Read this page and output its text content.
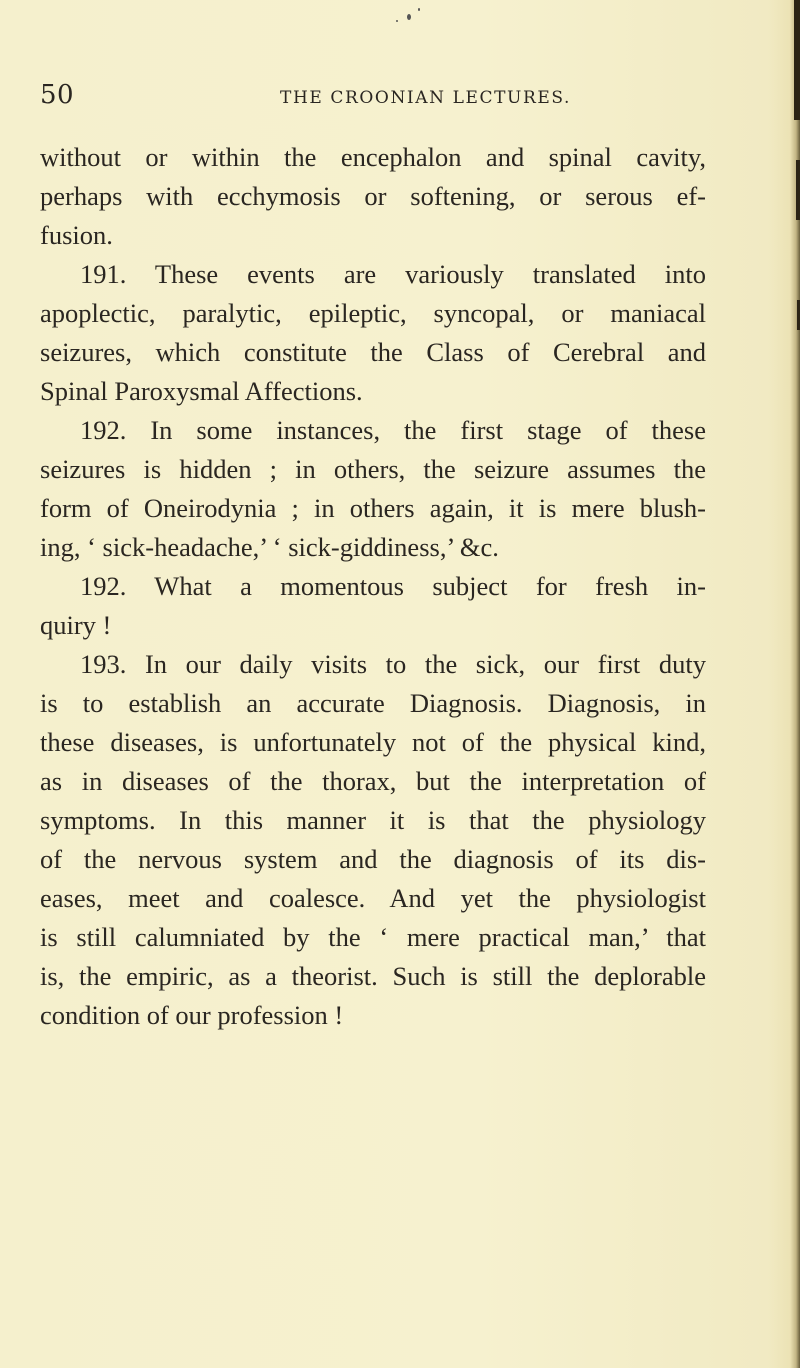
50	THE CROONIAN LECTURES.
without or within the encephalon and spinal cavity,
perhaps with ecchymosis or softening, or serous ef-
fusion.
191. These events are variously translated into
apoplectic, paralytic, epileptic, syncopal, or maniacal
seizures, which constitute the Class of Cerebral and
Spinal Paroxysmal Affections.
192. In some instances, the first stage of these
seizures is hidden ; in others, the seizure assumes the
form of Oneirodynia ; in others again, it is mere blush-
ing, ‘ sick-headache,’ ‘ sick-giddiness,’ &c.
192. What a momentous subject for fresh in-
quiry !
193. In our daily visits to the sick, our first duty
is to establish an accurate Diagnosis. Diagnosis, in
these diseases, is unfortunately not of the physical kind,
as in diseases of the thorax, but the interpretation of
symptoms. In this manner it is that the physiology
of the nervous system and the diagnosis of its dis-
eases, meet and coalesce. And yet the physiologist
is still calumniated by the ‘ mere practical man,’ that
is, the empiric, as a theorist. Such is still the deplorable
condition of our profession !
